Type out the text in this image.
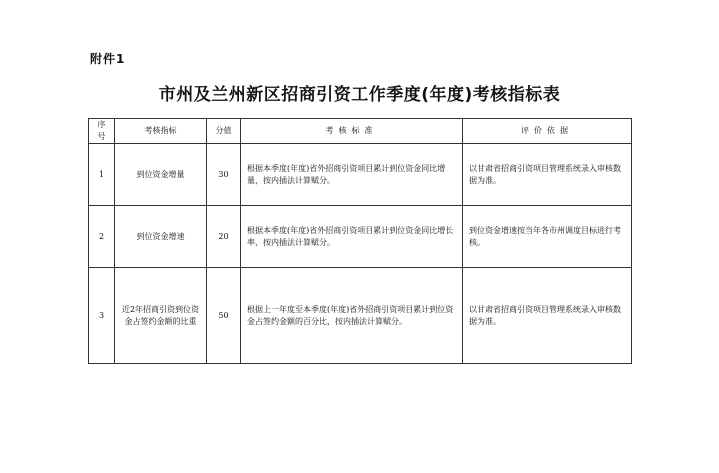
附件1
市州及兰州新区招商引资工作季度(年度)考核指标表
序号	考核指标	分值	考核标准	评价依据
1	到位资金增量	30	根据本季度(年度)省外招商引资项目累计到位资金同比增量，按内插法计算赋分。	以甘肃省招商引资项目管理系统录入审核数据为准。
2	到位资金增速	20	根据本季度(年度)省外招商引资项目累计到位资金同比增长率，按内插法计算赋分。	到位资金增速按当年各市州调度目标进行考核。
3	近2年招商引资到位资金占签约金额的比重	50	根据上一年度至本季度(年度)省外招商引资项目累计到位资金占签约金额的百分比，按内插法计算赋分。	以甘肃省招商引资项目管理系统录入审核数据为准。
